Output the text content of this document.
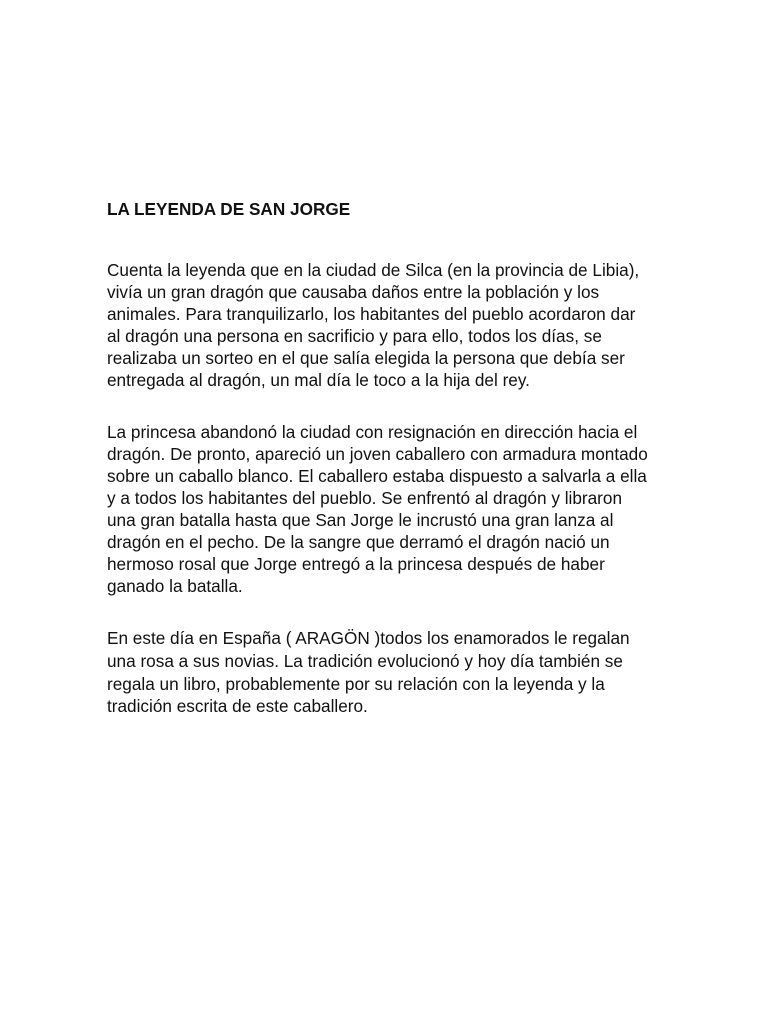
LA LEYENDA DE SAN JORGE
Cuenta la leyenda que en la ciudad de Silca (en la provincia de Libia),
vivía un gran dragón que causaba daños entre la población y los
animales. Para tranquilizarlo, los habitantes del pueblo acordaron dar
al dragón una persona en sacrificio y para ello, todos los días, se
realizaba un sorteo en el que salía elegida la persona que debía ser
entregada al dragón, un mal día le toco a la hija del rey.
La princesa abandonó la ciudad con resignación en dirección hacia el
dragón. De pronto, apareció un joven caballero con armadura montado
sobre un caballo blanco. El caballero estaba dispuesto a salvarla a ella
y a todos los habitantes del pueblo. Se enfrentó al dragón y libraron
una gran batalla hasta que San Jorge le incrustó una gran lanza al
dragón en el pecho. De la sangre que derramó el dragón nació un
hermoso rosal que Jorge entregó a la princesa después de haber
ganado la batalla.
En este día en España ( ARAGÖN )todos los enamorados le regalan
una rosa a sus novias. La tradición evolucionó y hoy día también se
regala un libro, probablemente por su relación con la leyenda y la
tradición escrita de este caballero.
